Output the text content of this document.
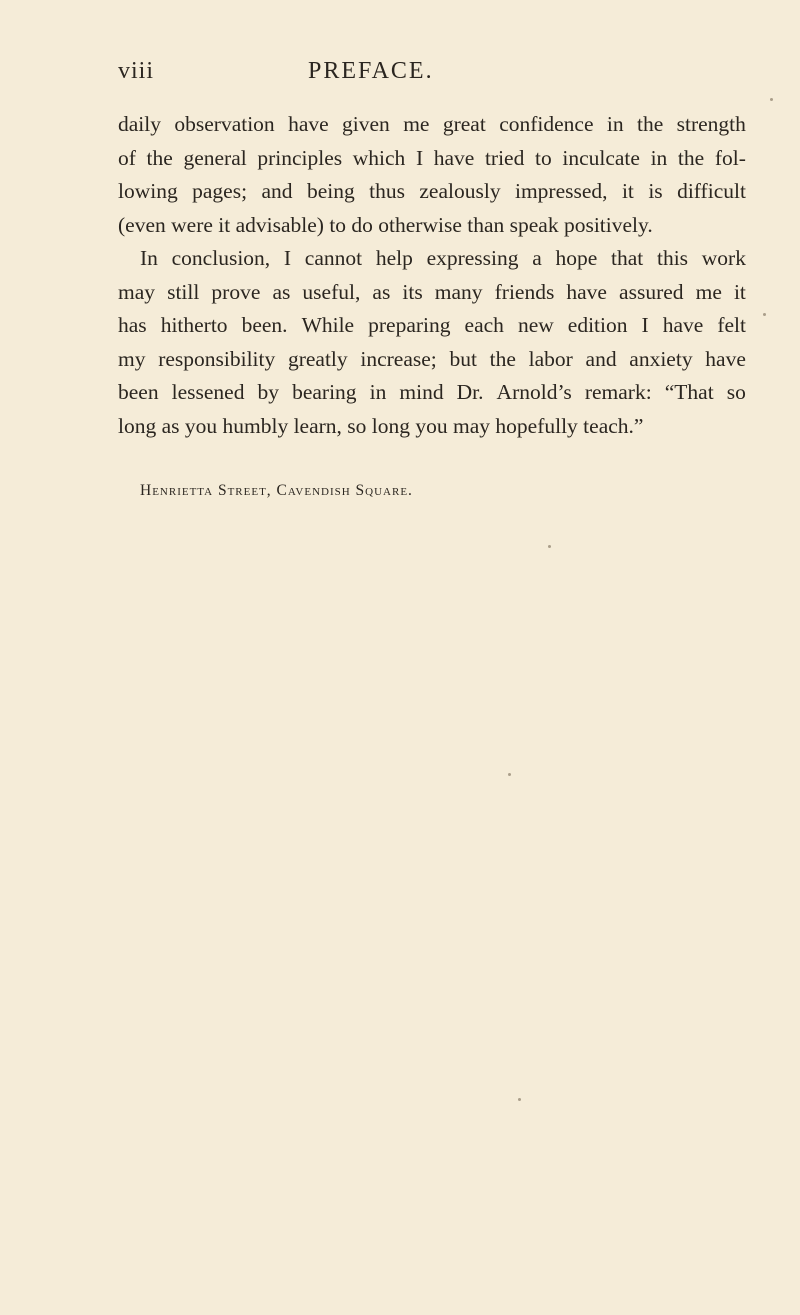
viii	PREFACE.
daily observation have given me great confidence in the strength
of the general principles which I have tried to inculcate in the fol-
lowing pages; and being thus zealously impressed, it is difficult
(even were it advisable) to do otherwise than speak positively.
In conclusion, I cannot help expressing a hope that this work
may still prove as useful, as its many friends have assured me it
has hitherto been. While preparing each new edition I have felt
my responsibility greatly increase; but the labor and anxiety have
been lessened by bearing in mind Dr. Arnold’s remark: “That so
long as you humbly learn, so long you may hopefully teach.”
Henrietta Street, Cavendish Square.
